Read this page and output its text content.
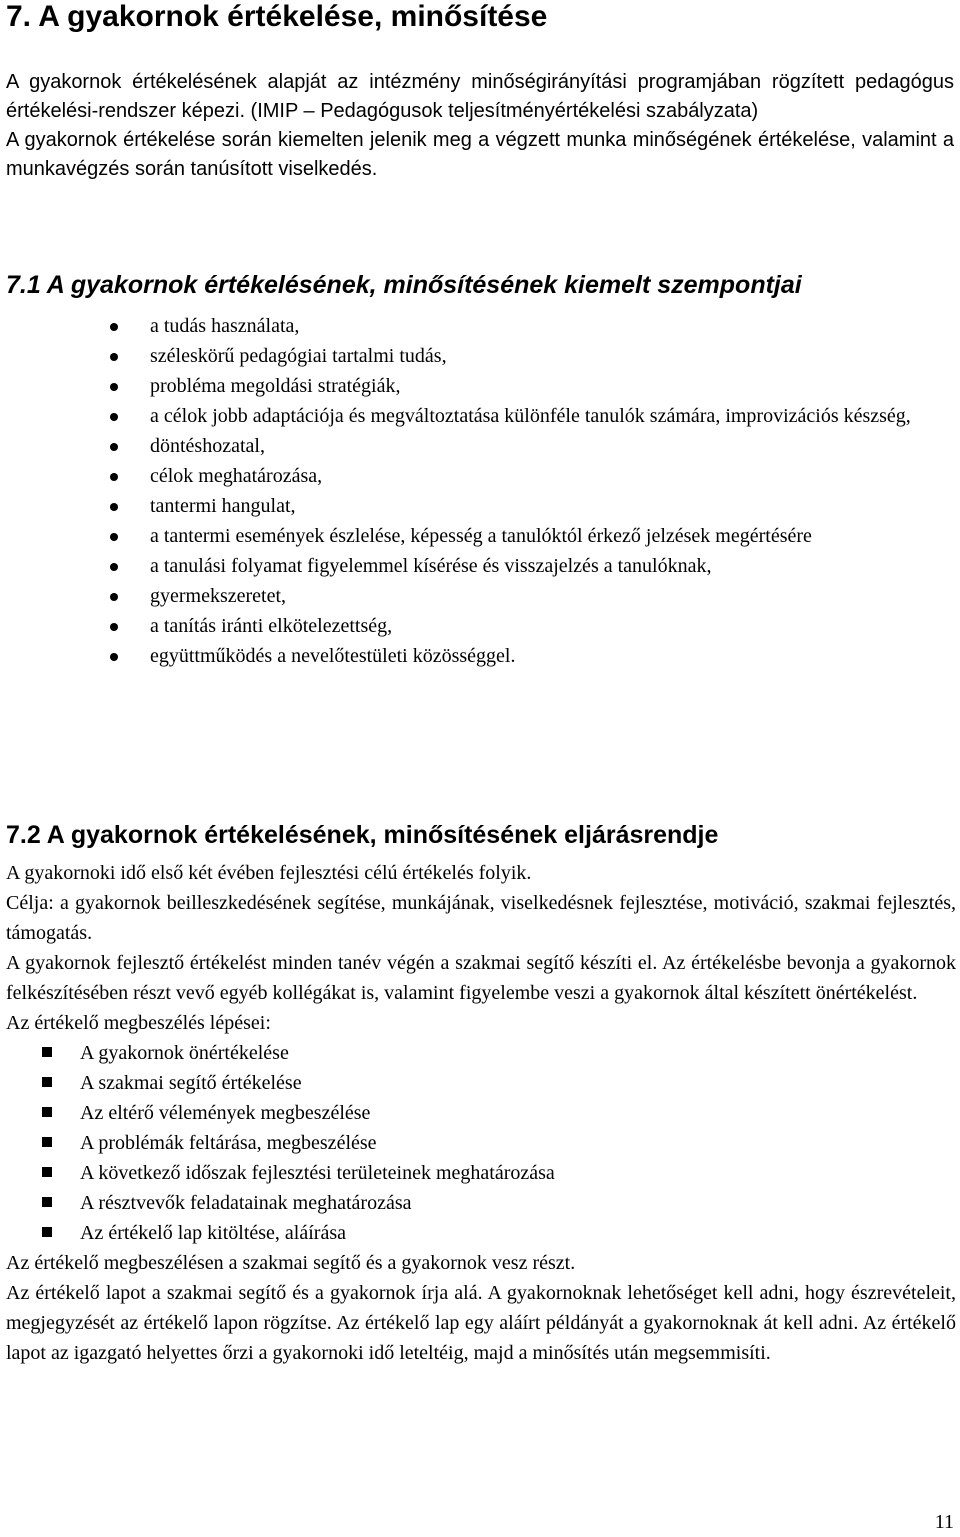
7. A gyakornok értékelése, minősítése

A gyakornok értékelésének alapját az intézmény minőségirányítási programjában rögzített pedagógus értékelési-rendszer képezi. (IMIP – Pedagógusok teljesítményértékelési szabályzata)

A gyakornok értékelése során kiemelten jelenik meg a végzett munka minőségének értékelése, valamint a munkavégzés során tanúsított viselkedés.

7.1 A gyakornok értékelésének, minősítésének kiemelt szempontjai
a tudás használata,
széleskörű pedagógiai tartalmi tudás,
probléma megoldási stratégiák,
a célok jobb adaptációja és megváltoztatása különféle tanulók számára, improvizációs készség,
döntéshozatal,
célok meghatározása,
tantermi hangulat,
a tantermi események észlelése, képesség a tanulóktól érkező jelzések megértésére
a tanulási folyamat figyelemmel kísérése és visszajelzés a tanulóknak,
gyermekszeretet,
a tanítás iránti elkötelezettség,
együttműködés a nevelőtestületi közösséggel.
7.2 A gyakornok értékelésének, minősítésének eljárásrendje

A gyakornoki idő első két évében fejlesztési célú értékelés folyik.

Célja: a gyakornok beilleszkedésének segítése, munkájának, viselkedésnek fejlesztése, motiváció, szakmai fejlesztés, támogatás.

A gyakornok fejlesztő értékelést minden tanév végén a szakmai segítő készíti el. Az értékelésbe bevonja a gyakornok felkészítésében részt vevő egyéb kollégákat is, valamint figyelembe veszi a gyakornok által készített önértékelést.

Az értékelő megbeszélés lépései:

A gyakornok önértékelése
A szakmai segítő értékelése
Az eltérő vélemények megbeszélése
A problémák feltárása, megbeszélése
A következő időszak fejlesztési területeinek meghatározása
A résztvevők feladatainak meghatározása
Az értékelő lap kitöltése, aláírása

Az értékelő megbeszélésen a szakmai segítő és a gyakornok vesz részt.

Az értékelő lapot a szakmai segítő és a gyakornok írja alá. A gyakornoknak lehetőséget kell adni, hogy észrevételeit, megjegyzését az értékelő lapon rögzítse. Az értékelő lap egy aláírt példányát a gyakornoknak át kell adni. Az értékelő lapot az igazgató helyettes őrzi a gyakornoki idő leteltéig, majd a minősítés után megsemmisíti.

11
